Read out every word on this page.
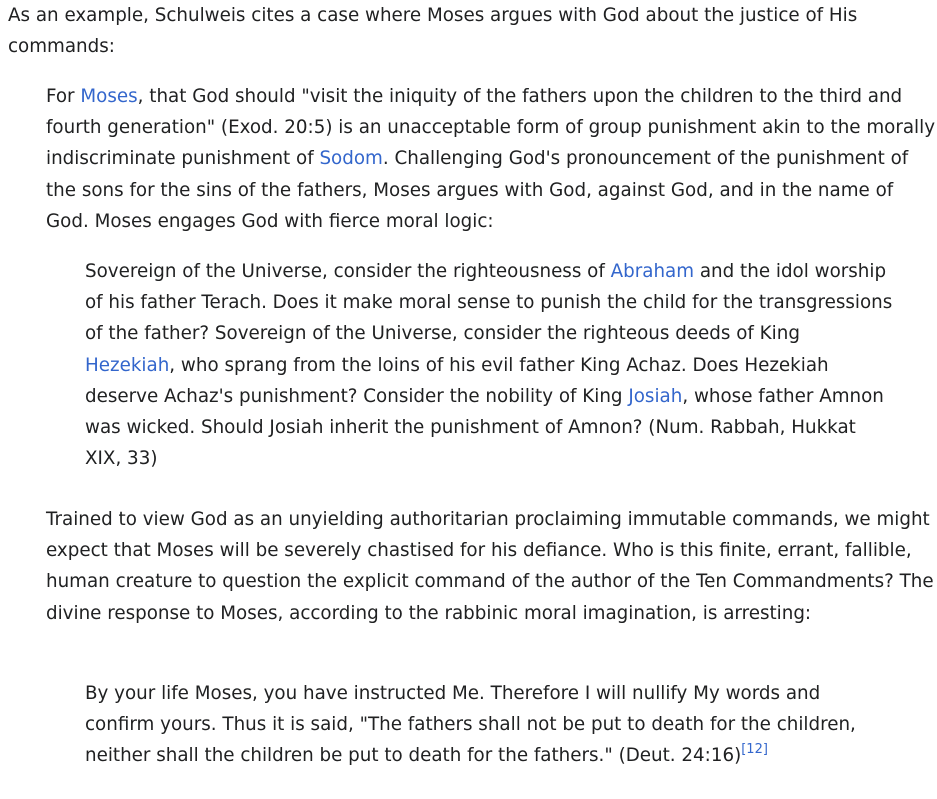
As an example, Schulweis cites a case where Moses argues with God about the justice of His commands:

For Moses, that God should "visit the iniquity of the fathers upon the children to the third and fourth generation" (Exod. 20:5) is an unacceptable form of group punishment akin to the morally indiscriminate punishment of Sodom. Challenging God's pronouncement of the punishment of the sons for the sins of the fathers, Moses argues with God, against God, and in the name of God. Moses engages God with fierce moral logic:
Sovereign of the Universe, consider the righteousness of Abraham and the idol worship of his father Terach. Does it make moral sense to punish the child for the transgressions of the father? Sovereign of the Universe, consider the righteous deeds of King Hezekiah, who sprang from the loins of his evil father King Achaz. Does Hezekiah deserve Achaz's punishment? Consider the nobility of King Josiah, whose father Amnon was wicked. Should Josiah inherit the punishment of Amnon? (Num. Rabbah, Hukkat XIX, 33)
Trained to view God as an unyielding authoritarian proclaiming immutable commands, we might expect that Moses will be severely chastised for his defiance. Who is this finite, errant, fallible, human creature to question the explicit command of the author of the Ten Commandments? The divine response to Moses, according to the rabbinic moral imagination, is arresting:
By your life Moses, you have instructed Me. Therefore I will nullify My words and confirm yours. Thus it is said, "The fathers shall not be put to death for the children, neither shall the children be put to death for the fathers." (Deut. 24:16)[12]
